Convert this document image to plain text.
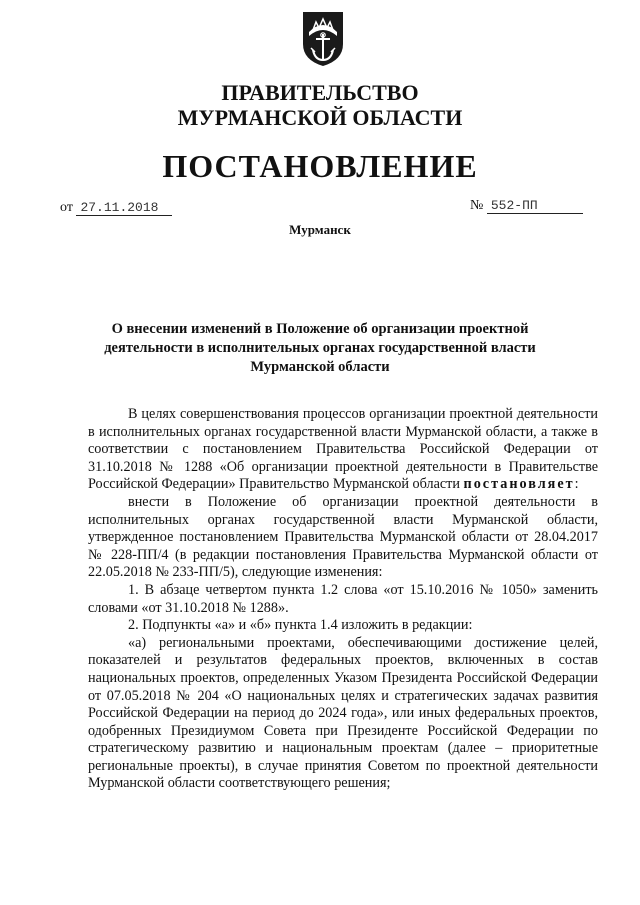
ПРАВИТЕЛЬСТВО
МУРМАНСКОЙ ОБЛАСТИ
ПОСТАНОВЛЕНИЕ
от 27.11.2018	№ 552-ПП
Мурманск
О внесении изменений в Положение об организации проектной
деятельности в исполнительных органах государственной власти
Мурманской области

В целях совершенствования процессов организации проектной деятельности в исполнительных органах государственной власти Мурманской области, а также в соответствии с постановлением Правительства Российской Федерации от 31.10.2018 № 1288 «Об организации проектной деятельности в Правительстве Российской Федерации» Правительство Мурманской области постановляет:

внести в Положение об организации проектной деятельности в исполнительных органах государственной власти Мурманской области, утвержденное постановлением Правительства Мурманской области от 28.04.2017 № 228-ПП/4 (в редакции постановления Правительства Мурманской области от 22.05.2018 № 233-ПП/5), следующие изменения:

1. В абзаце четвертом пункта 1.2 слова «от 15.10.2016 № 1050» заменить словами «от 31.10.2018 № 1288».

2. Подпункты «а» и «б» пункта 1.4 изложить в редакции:

«а) региональными проектами, обеспечивающими достижение целей, показателей и результатов федеральных проектов, включенных в состав национальных проектов, определенных Указом Президента Российской Федерации от 07.05.2018 № 204 «О национальных целях и стратегических задачах развития Российской Федерации на период до 2024 года», или иных федеральных проектов, одобренных Президиумом Совета при Президенте Российской Федерации по стратегическому развитию и национальным проектам (далее – приоритетные региональные проекты), в случае принятия Советом по проектной деятельности Мурманской области соответствующего решения;
